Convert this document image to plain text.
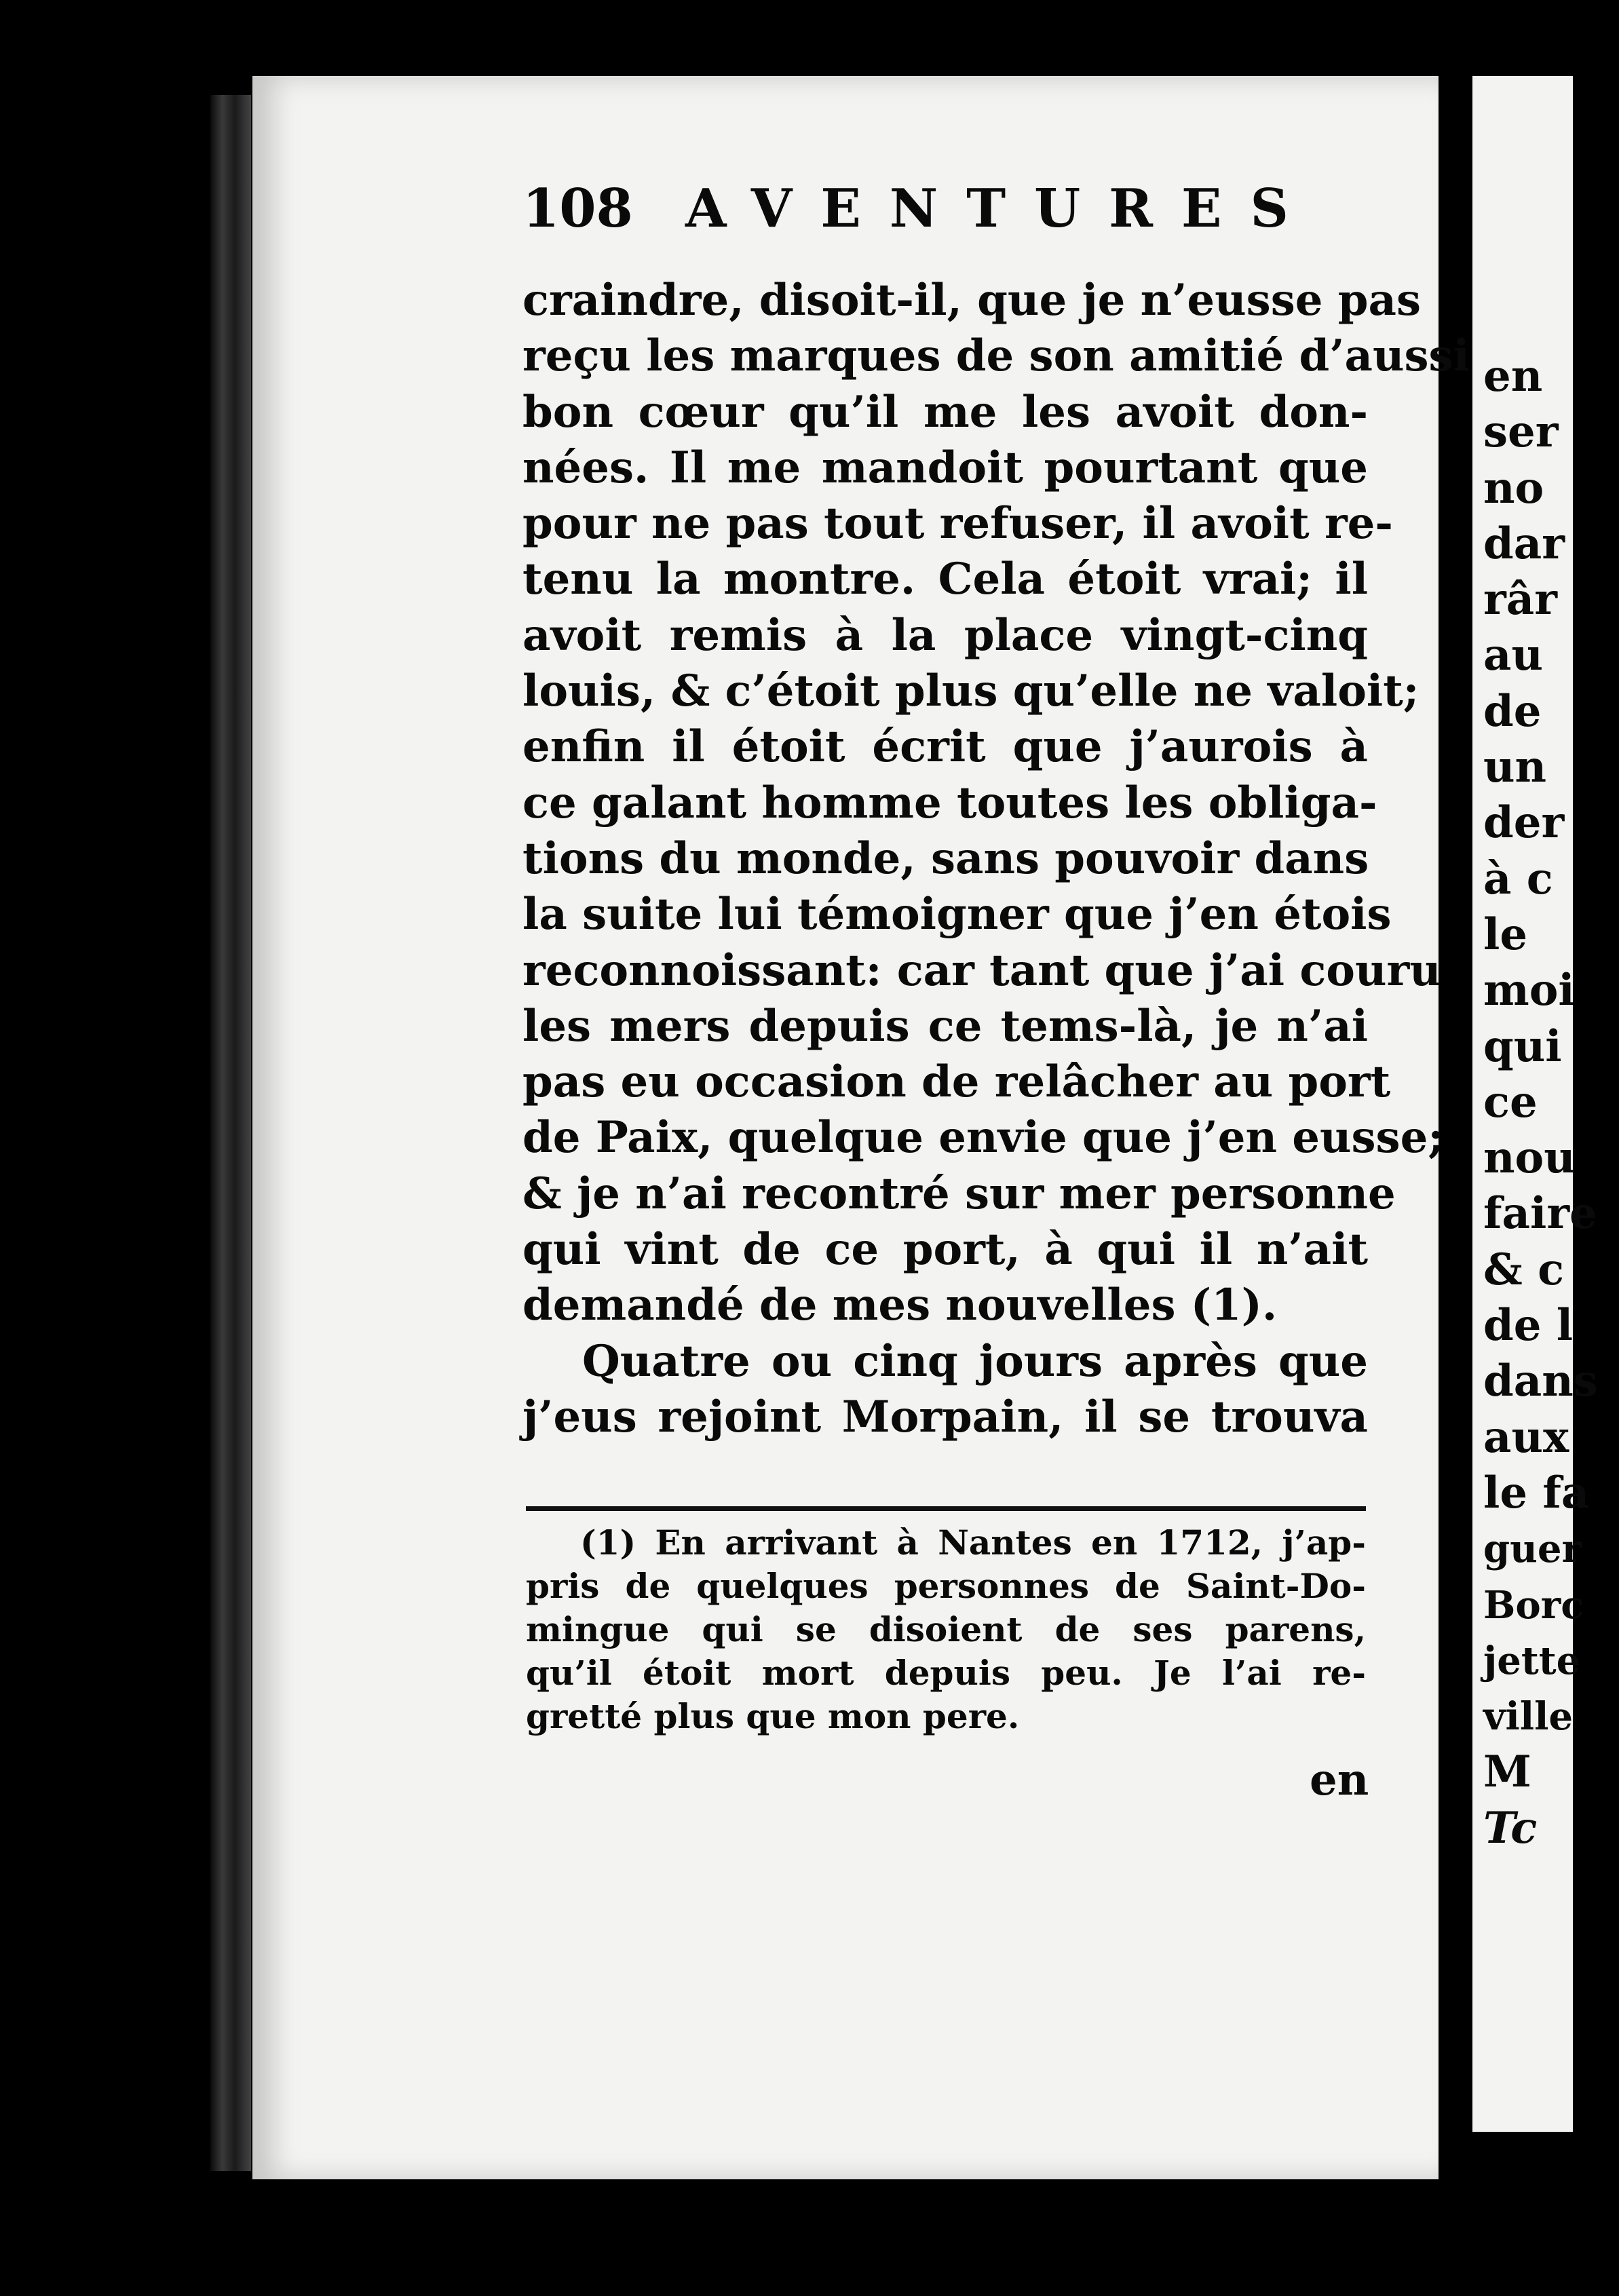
108 AVENTURES
craindre, disoit-il, que je n’eusse pas
reçu les marques de son amitié d’aussi
bon cœur qu’il me les avoit don-
nées. Il me mandoit pourtant que
pour ne pas tout refuser, il avoit re-
tenu la montre. Cela étoit vrai; il
avoit remis à la place vingt-cinq
louis, & c’étoit plus qu’elle ne valoit;
enfin il étoit écrit que j’aurois à
ce galant homme toutes les obliga-
tions du monde, sans pouvoir dans
la suite lui témoigner que j’en étois
reconnoissant: car tant que j’ai couru
les mers depuis ce tems-là, je n’ai
pas eu occasion de relâcher au port
de Paix, quelque envie que j’en eusse;
& je n’ai recontré sur mer personne
qui vint de ce port, à qui il n’ait
demandé de mes nouvelles (1).
Quatre ou cinq jours après que
j’eus rejoint Morpain, il se trouva
(1) En arrivant à Nantes en 1712, j’ap-
pris de quelques personnes de Saint-Do-
mingue qui se disoient de ses parens,
qu’il étoit mort depuis peu. Je l’ai re-
gretté plus que mon pere.
en
en
ser
no
dar
râr
au
de
un
der
à c
le
moi
qui
ce
nou
faire
& c
de l
dans
aux
le fa
guer
Borc
jette
ville
M
Tc
